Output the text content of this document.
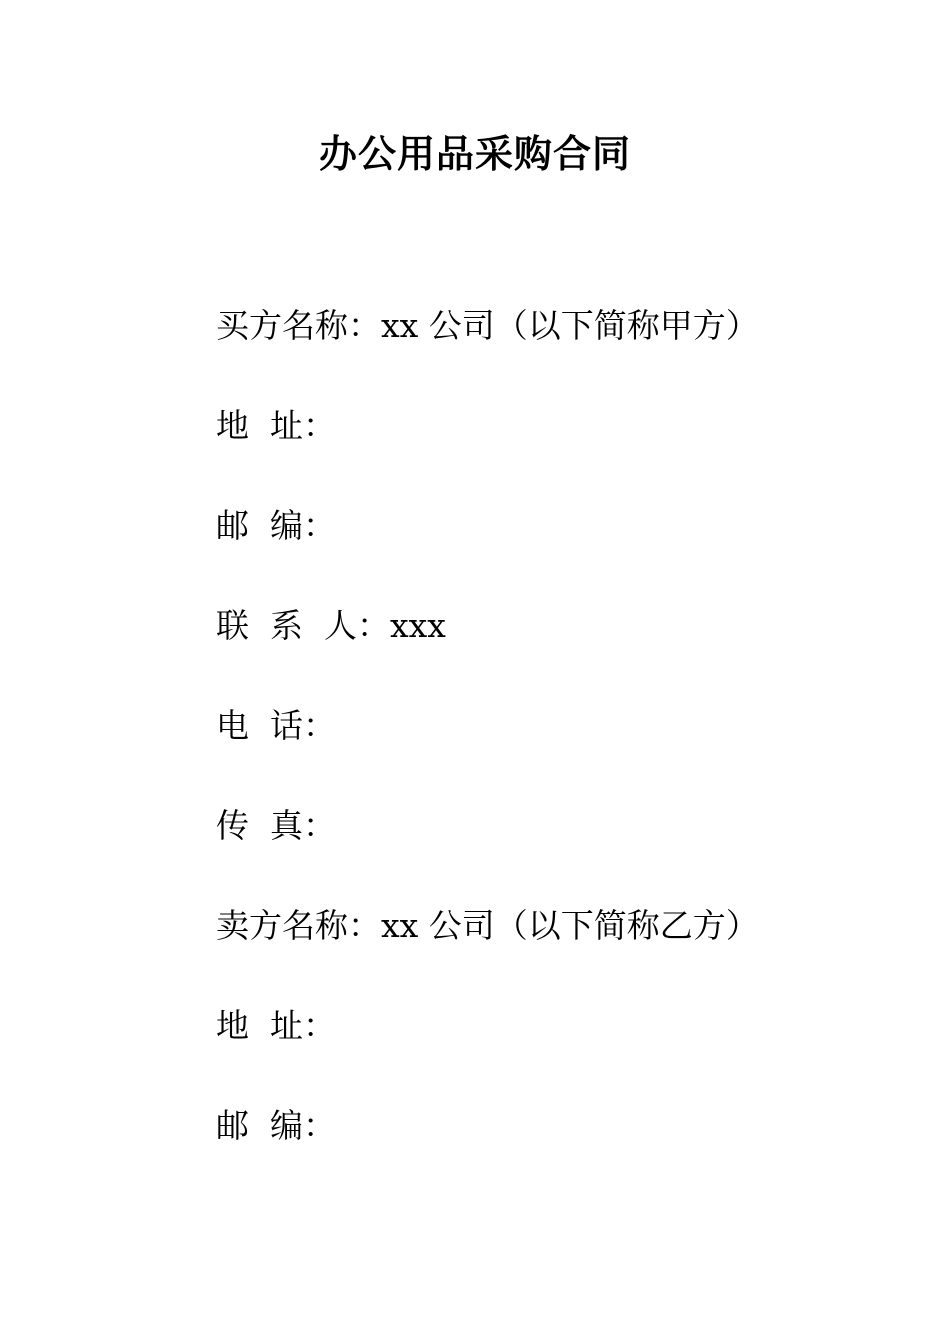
办公用品采购合同
买方名称：xx 公司（以下简称甲方）
地  址：
邮  编：
联  系  人：xxx
电  话：
传  真：
卖方名称：xx 公司（以下简称乙方）
地  址：
邮  编：
